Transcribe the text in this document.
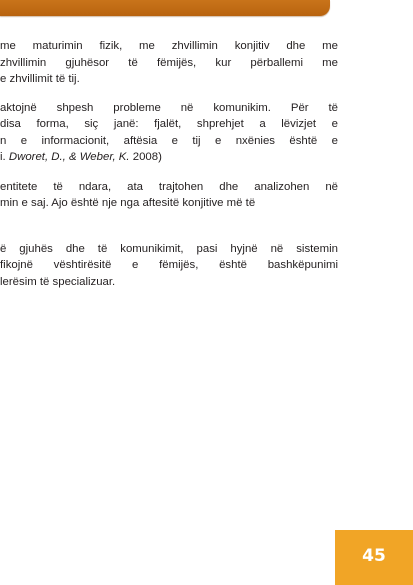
me maturimin fizik, me zhvillimin konjitiv dhe me
zhvillimin gjuhësor të fëmijës, kur përballemi me
e zhvillimit të tij.

aktojnë shpesh probleme në komunikim. Për të
disa forma, siç janë: fjalët, shprehjet a lëvizjet e
n e informacionit, aftësia e tij e nxënies është e
i. Dworet, D., & Weber, K. 2008)

entitete të ndara, ata trajtohen dhe analizohen në
min e saj. Ajo është nje nga aftesitë konjitive më të

ë gjuhës dhe të komunikimit, pasi hyjnë në sistemin
fikojnë vështirësitë e fëmijës, është bashkëpunimi
lerësim të specializuar.

45
